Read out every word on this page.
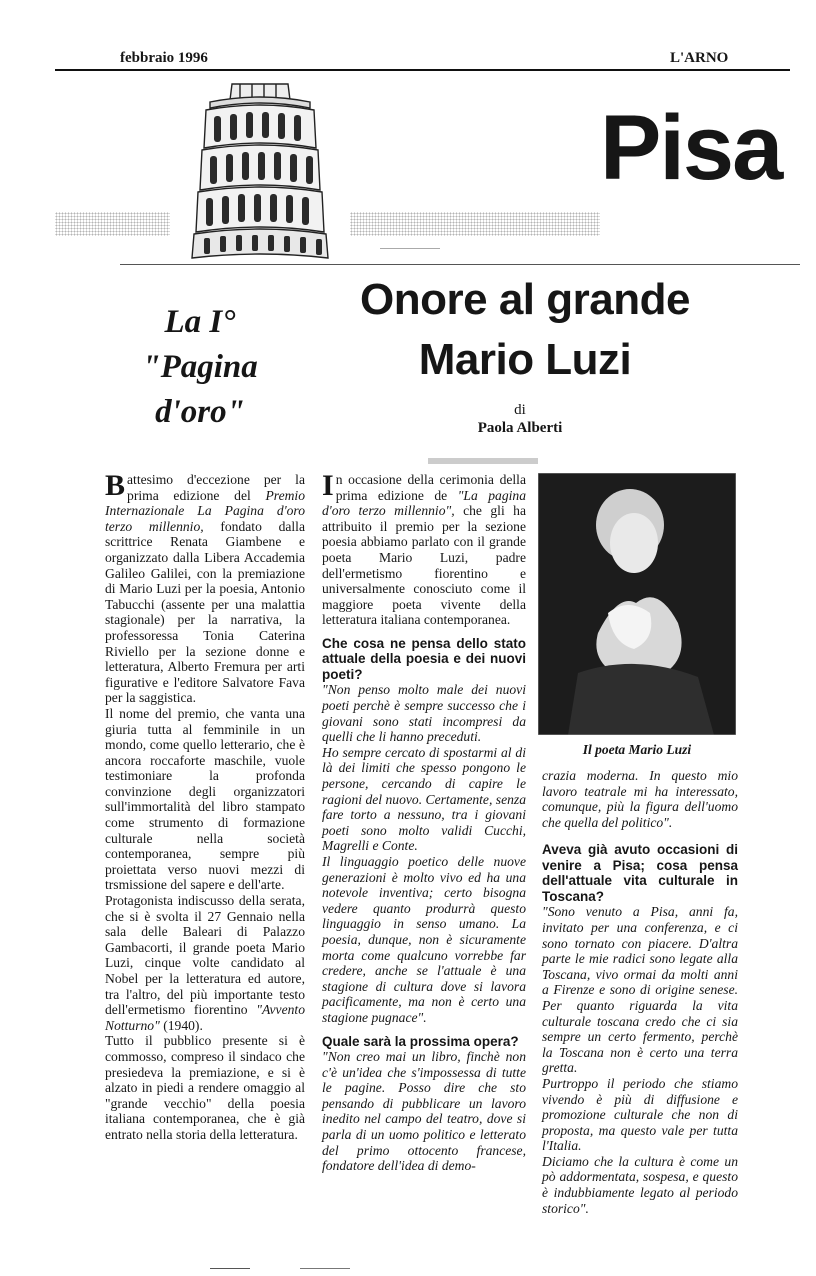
febbraio 1996	L'ARNO
Pisa
La I°
"Pagina
d'oro"
Onore al grande
Mario Luzi
di
Paola Alberti

Battesimo d'eccezione per la prima edizione del Premio Internazionale La Pagina d'oro terzo millennio, fondato dalla scrittrice Renata Giambene e organizzato dalla Libera Accademia Galileo Galilei, con la premiazione di Mario Luzi per la poesia, Antonio Tabucchi (assente per una malattia stagionale) per la narrativa, la professoressa Tonia Caterina Riviello per la sezione donne e letteratura, Alberto Fremura per arti figurative e l'editore Salvatore Fava per la saggistica.

Il nome del premio, che vanta una giuria tutta al femminile in un mondo, come quello letterario, che è ancora roccaforte maschile, vuole testimoniare la profonda convinzione degli organizzatori sull'immortalità del libro stampato come strumento di formazione culturale nella società contemporanea, sempre più proiettata verso nuovi mezzi di trsmissione del sapere e dell'arte.

Protagonista indiscusso della serata, che si è svolta il 27 Gennaio nella sala delle Baleari di Palazzo Gambacorti, il grande poeta Mario Luzi, cinque volte candidato al Nobel per la letteratura ed autore, tra l'altro, del più importante testo dell'ermetismo fiorentino "Avvento Notturno" (1940).

Tutto il pubblico presente si è commosso, compreso il sindaco che presiedeva la premiazione, e si è alzato in piedi a rendere omaggio al "grande vecchio" della poesia italiana contemporanea, che è già entrato nella storia della letteratura.

In occasione della cerimonia della prima edizione de "La pagina d'oro terzo millennio", che gli ha attribuito il premio per la sezione poesia abbiamo parlato con il grande poeta Mario Luzi, padre dell'ermetismo fiorentino e universalmente conosciuto come il maggiore poeta vivente della letteratura italiana contemporanea.

Che cosa ne pensa dello stato attuale della poesia e dei nuovi poeti?

"Non penso molto male dei nuovi poeti perchè è sempre successo che i giovani sono stati incompresi da quelli che li hanno preceduti.

Ho sempre cercato di spostarmi al di là dei limiti che spesso pongono le persone, cercando di capire le ragioni del nuovo. Certamente, senza fare torto a nessuno, tra i giovani poeti sono molto validi Cucchi, Magrelli e Conte.

Il linguaggio poetico delle nuove generazioni è molto vivo ed ha una notevole inventiva; certo bisogna vedere quanto produrrà questo linguaggio in senso umano. La poesia, dunque, non è sicuramente morta come qualcuno vorrebbe far credere, anche se l'attuale è una stagione di cultura dove si lavora pacificamente, ma non è certo una stagione pugnace".

Quale sarà la prossima opera?

"Non creo mai un libro, finchè non c'è un'idea che s'impossessa di tutte le pagine. Posso dire che sto pensando di pubblicare un lavoro inedito nel campo del teatro, dove si parla di un uomo politico e letterato del primo ottocento francese, fondatore dell'idea di demo-

Il poeta Mario Luzi

crazia moderna. In questo mio lavoro teatrale mi ha interessato, comunque, più la figura dell'uomo che quella del politico".

Aveva già avuto occasioni di venire a Pisa; cosa pensa dell'attuale vita culturale in Toscana?

"Sono venuto a Pisa, anni fa, invitato per una conferenza, e ci sono tornato con piacere. D'altra parte le mie radici sono legate alla Toscana, vivo ormai da molti anni a Firenze e sono di origine senese. Per quanto riguarda la vita culturale toscana credo che ci sia sempre un certo fermento, perchè la Toscana non è certo una terra gretta.

Purtroppo il periodo che stiamo vivendo è più di diffusione e promozione culturale che non di proposta, ma questo vale per tutta l'Italia.

Diciamo che la cultura è come un pò addormentata, sospesa, e questo è indubbiamente legato al periodo storico".
